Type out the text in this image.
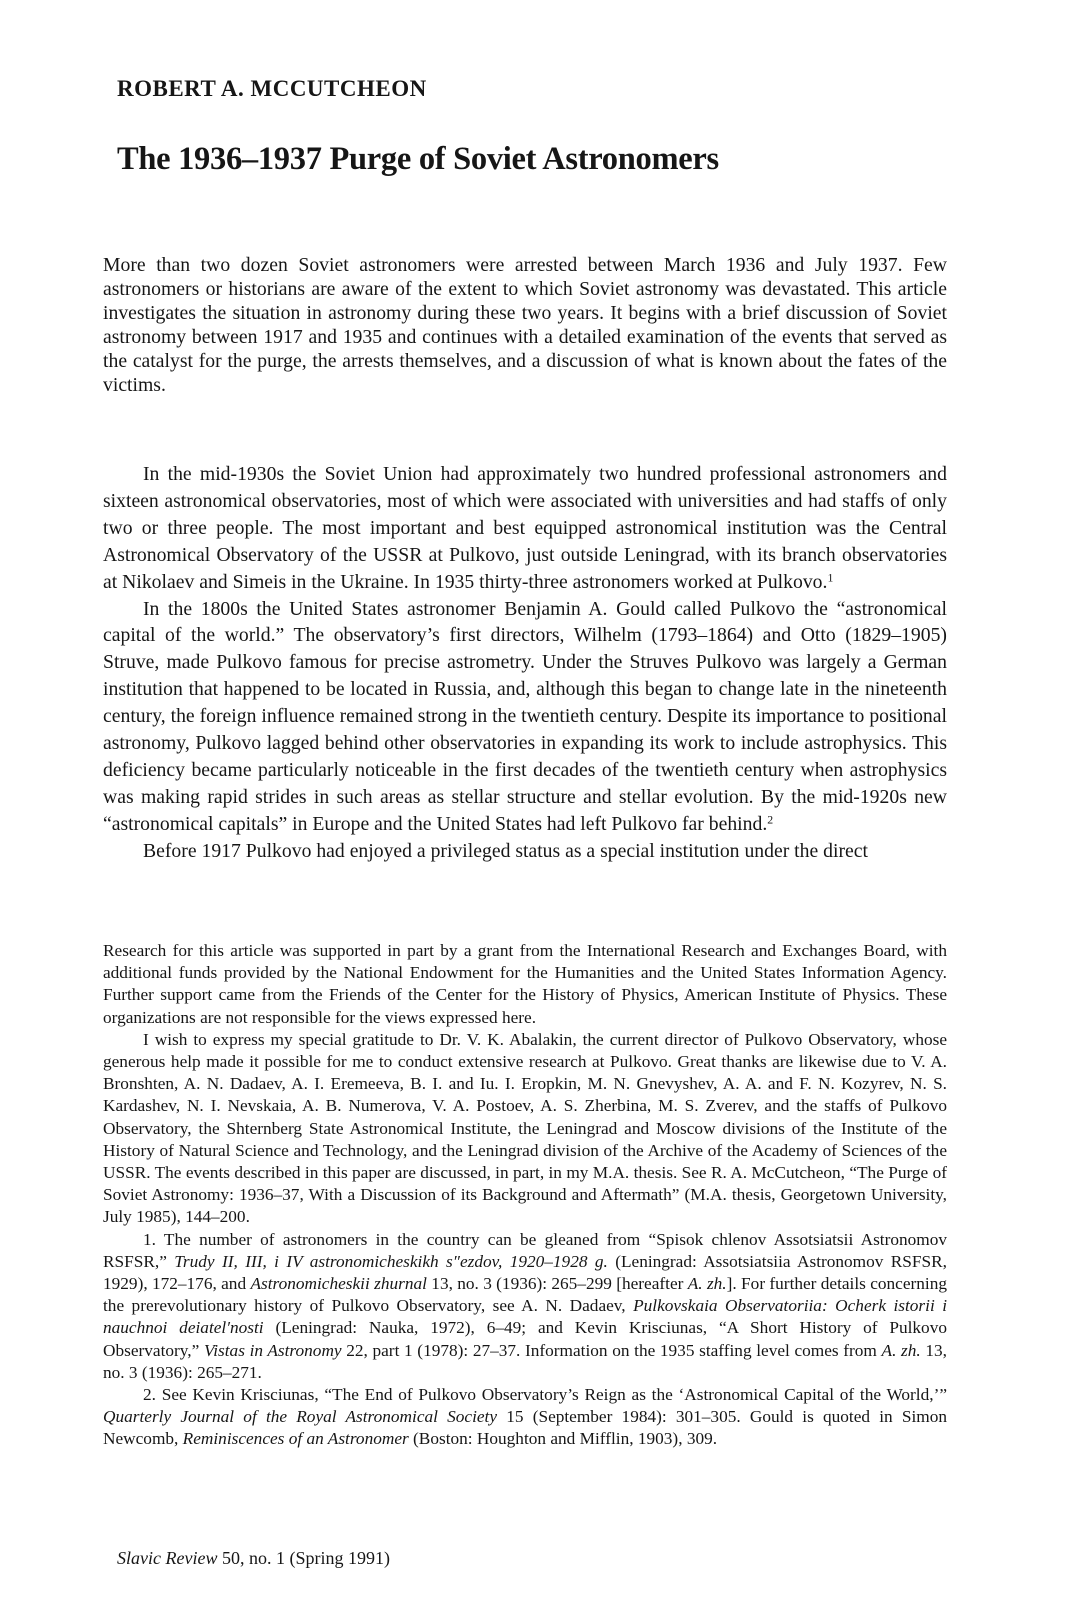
ROBERT A. MCCUTCHEON
The 1936–1937 Purge of Soviet Astronomers

More than two dozen Soviet astronomers were arrested between March 1936 and July 1937. Few astronomers or historians are aware of the extent to which Soviet astronomy was devastated. This article investigates the situation in astronomy during these two years. It begins with a brief discussion of Soviet astronomy between 1917 and 1935 and continues with a detailed examination of the events that served as the catalyst for the purge, the arrests themselves, and a discussion of what is known about the fates of the victims.

In the mid-1930s the Soviet Union had approximately two hundred professional astronomers and sixteen astronomical observatories, most of which were associated with universities and had staffs of only two or three people. The most important and best equipped astronomical institution was the Central Astronomical Observatory of the USSR at Pulkovo, just outside Leningrad, with its branch observatories at Nikolaev and Simeis in the Ukraine. In 1935 thirty-three astronomers worked at Pulkovo.$^1$

In the 1800s the United States astronomer Benjamin A. Gould called Pulkovo the “astronomical capital of the world.” The observatory’s first directors, Wilhelm (1793–1864) and Otto (1829–1905) Struve, made Pulkovo famous for precise astrometry. Under the Struves Pulkovo was largely a German institution that happened to be located in Russia, and, although this began to change late in the nineteenth century, the foreign influence remained strong in the twentieth century. Despite its importance to positional astronomy, Pulkovo lagged behind other observatories in expanding its work to include astrophysics. This deficiency became particularly noticeable in the first decades of the twentieth century when astrophysics was making rapid strides in such areas as stellar structure and stellar evolution. By the mid-1920s new “astronomical capitals” in Europe and the United States had left Pulkovo far behind.$^2$

Before 1917 Pulkovo had enjoyed a privileged status as a special institution under the direct

Research for this article was supported in part by a grant from the International Research and Exchanges Board, with additional funds provided by the National Endowment for the Humanities and the United States Information Agency. Further support came from the Friends of the Center for the History of Physics, American Institute of Physics. These organizations are not responsible for the views expressed here.

I wish to express my special gratitude to Dr. V. K. Abalakin, the current director of Pulkovo Observatory, whose generous help made it possible for me to conduct extensive research at Pulkovo. Great thanks are likewise due to V. A. Bronshten, A. N. Dadaev, A. I. Eremeeva, B. I. and Iu. I. Eropkin, M. N. Gnevyshev, A. A. and F. N. Kozyrev, N. S. Kardashev, N. I. Nevskaia, A. B. Numerova, V. A. Postoev, A. S. Zherbina, M. S. Zverev, and the staffs of Pulkovo Observatory, the Shternberg State Astronomical Institute, the Leningrad and Moscow divisions of the Institute of the History of Natural Science and Technology, and the Leningrad division of the Archive of the Academy of Sciences of the USSR. The events described in this paper are discussed, in part, in my M.A. thesis. See R. A. McCutcheon, “The Purge of Soviet Astronomy: 1936–37, With a Discussion of its Background and Aftermath” (M.A. thesis, Georgetown University, July 1985), 144–200.

1. The number of astronomers in the country can be gleaned from “Spisok chlenov Assotsiatsii Astronomov RSFSR,” Trudy II, III, i IV astronomicheskikh s″ezdov, 1920–1928 g. (Leningrad: Assotsiatsiia Astronomov RSFSR, 1929), 172–176, and Astronomicheskii zhurnal 13, no. 3 (1936): 265–299 [hereafter A. zh.]. For further details concerning the prerevolutionary history of Pulkovo Observatory, see A. N. Dadaev, Pulkovskaia Observatoriia: Ocherk istorii i nauchnoi deiatel′nosti (Leningrad: Nauka, 1972), 6–49; and Kevin Krisciunas, “A Short History of Pulkovo Observatory,” Vistas in Astronomy 22, part 1 (1978): 27–37. Information on the 1935 staffing level comes from A. zh. 13, no. 3 (1936): 265–271.

2. See Kevin Krisciunas, “The End of Pulkovo Observatory’s Reign as the ‘Astronomical Capital of the World,’” Quarterly Journal of the Royal Astronomical Society 15 (September 1984): 301–305. Gould is quoted in Simon Newcomb, Reminiscences of an Astronomer (Boston: Houghton and Mifflin, 1903), 309.

Slavic Review 50, no. 1 (Spring 1991)
